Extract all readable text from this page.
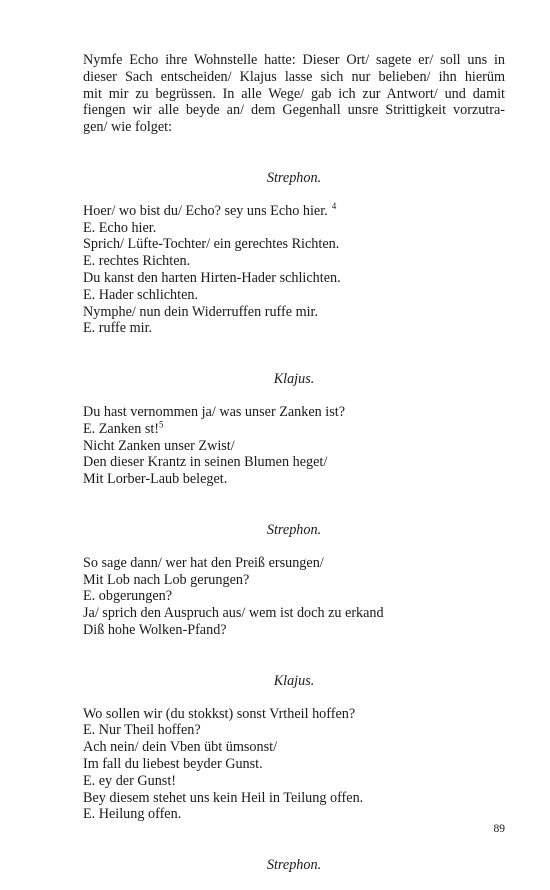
Nymfe Echo ihre Wohnstelle hatte: Dieser Ort/ sagete er/ soll uns in
dieser Sach entscheiden/ Klajus lasse sich nur belieben/ ihn hierüm
mit mir zu begrüssen. In alle Wege/ gab ich zur Antwort/ und damit
fiengen wir alle beyde an/ dem Gegenhall unsre Strittigkeit vorzutra-
gen/ wie folget:

Strephon.

Hoer/ wo bist du/ Echo? sey uns Echo hier. $^4$
E. Echo hier.
Sprich/ Lüfte-Tochter/ ein gerechtes Richten.
E. rechtes Richten.
Du kanst den harten Hirten-Hader schlichten.
E. Hader schlichten.
Nymphe/ nun dein Widerruffen ruffe mir.
E. ruffe mir.

Klajus.

Du hast vernommen ja/ was unser Zanken ist?
E. Zanken st!$^5$
Nicht Zanken unser Zwist/
Den dieser Krantz in seinen Blumen heget/
Mit Lorber-Laub beleget.

Strephon.

So sage dann/ wer hat den Preiß ersungen/
Mit Lob nach Lob gerungen?
E. obgerungen?
Ja/ sprich den Auspruch aus/ wem ist doch zu erkand
Diß hohe Wolken-Pfand?

Klajus.

Wo sollen wir (du stokkst) sonst Vrtheil hoffen?
E. Nur Theil hoffen?
Ach nein/ dein Vben übt ümsonst/
Im fall du liebest beyder Gunst.
E. ey der Gunst!
Bey diesem stehet uns kein Heil in Teilung offen.
E. Heilung offen.

Strephon.

89
